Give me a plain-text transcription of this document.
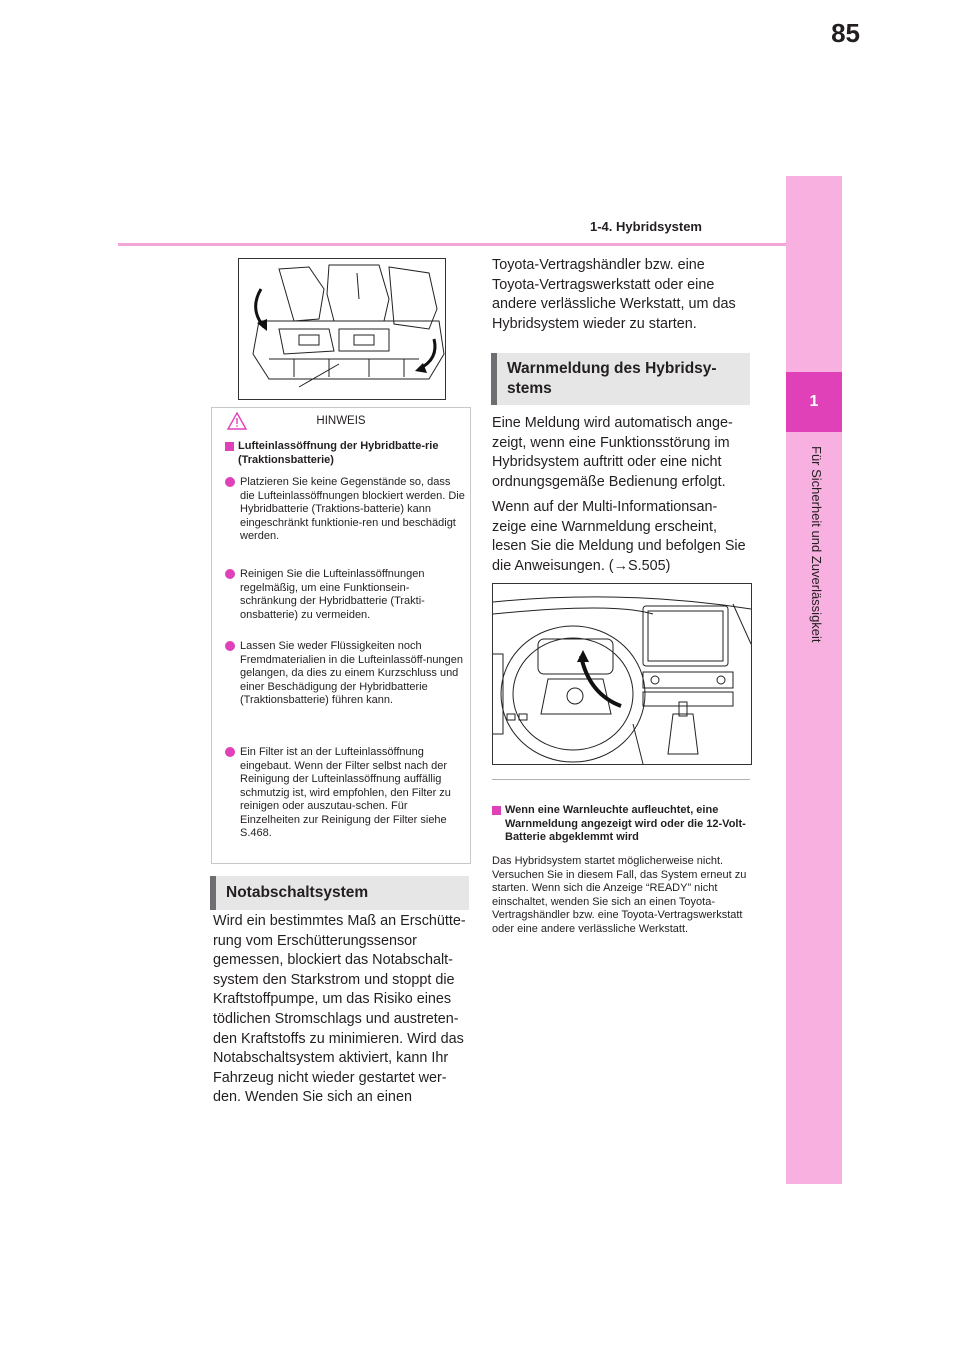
85
1-4. Hybridsystem
1
Für Sicherheit und Zuverlässigkeit
HINWEIS
Lufteinlassöffnung der Hybridbatte-rie (Traktionsbatterie)
Platzieren Sie keine Gegenstände so, dass die Lufteinlassöffnungen blockiert werden. Die Hybridbatterie (Traktions-batterie) kann eingeschränkt funktionie-ren und beschädigt werden.
Reinigen Sie die Lufteinlassöffnungen regelmäßig, um eine Funktionsein-schränkung der Hybridbatterie (Trakti-onsbatterie) zu vermeiden.
Lassen Sie weder Flüssigkeiten noch Fremdmaterialien in die Lufteinlassöff-nungen gelangen, da dies zu einem Kurzschluss und einer Beschädigung der Hybridbatterie (Traktionsbatterie) führen kann.
Ein Filter ist an der Lufteinlassöffnung eingebaut. Wenn der Filter selbst nach der Reinigung der Lufteinlassöffnung auffällig schmutzig ist, wird empfohlen, den Filter zu reinigen oder auszutau-schen. Für Einzelheiten zur Reinigung der Filter siehe S.468.
Notabschaltsystem
Wird ein bestimmtes Maß an Erschütte-rung vom Erschütterungssensor gemessen, blockiert das Notabschalt-system den Starkstrom und stoppt die Kraftstoffpumpe, um das Risiko eines tödlichen Stromschlags und austreten-den Kraftstoffs zu minimieren. Wird das Notabschaltsystem aktiviert, kann Ihr Fahrzeug nicht wieder gestartet wer-den. Wenden Sie sich an einen
Toyota-Vertragshändler bzw. eine Toyota-Vertragswerkstatt oder eine andere verlässliche Werkstatt, um das Hybridsystem wieder zu starten.
Warnmeldung des Hybridsy-stems
Eine Meldung wird automatisch ange-zeigt, wenn eine Funktionsstörung im Hybridsystem auftritt oder eine nicht ordnungsgemäße Bedienung erfolgt.
Wenn auf der Multi-Informationsan-zeige eine Warnmeldung erscheint, lesen Sie die Meldung und befolgen Sie die Anweisungen. (→S.505)
Wenn eine Warnleuchte aufleuchtet, eine Warnmeldung angezeigt wird oder die 12-Volt-Batterie abgeklemmt wird
Das Hybridsystem startet möglicherweise nicht. Versuchen Sie in diesem Fall, das System erneut zu starten. Wenn sich die Anzeige “READY” nicht einschaltet, wenden Sie sich an einen Toyota-Vertragshändler bzw. eine Toyota-Vertragswerkstatt oder eine andere verlässliche Werkstatt.
